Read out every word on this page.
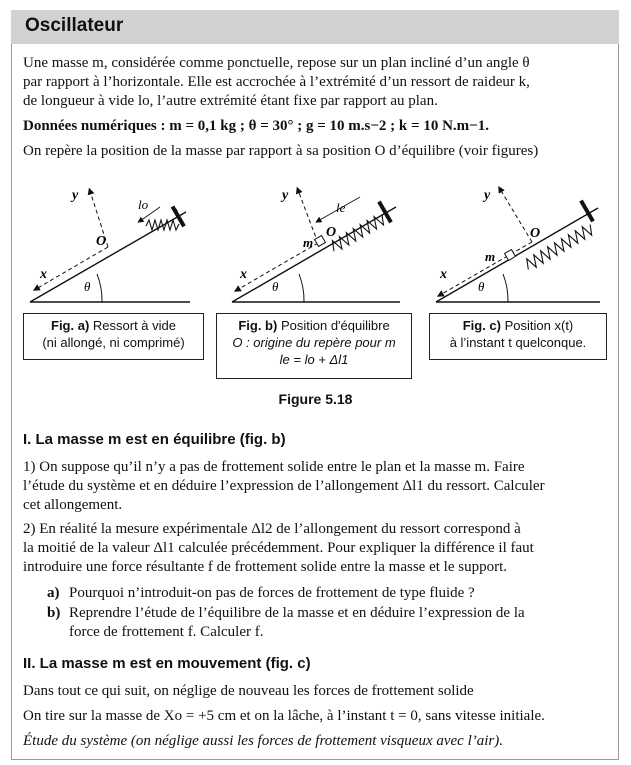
Oscillateur
Une masse m, considérée comme ponctuelle, repose sur un plan incliné d’un angle θ
par rapport à l’horizontale. Elle est accrochée à l’extrémité d’un ressort de raideur k,
de longueur à vide lo, l’autre extrémité étant fixe par rapport au plan.
Données numériques : m = 0,1 kg ; θ = 30° ; g = 10 m.s−2 ; k = 10 N.m−1.
On repère la position de la masse par rapport à sa position O d’équilibre (voir figures)
x
y
O
θ
lo
x
y
O
m
θ
le
x
y
O
m
θ
Fig. a) Ressort à vide
(ni allongé, ni comprimé)
Fig. b) Position d'équilibre
O : origine du repère pour m
le = lo + Δl1
Fig. c) Position x(t)
à l’instant t quelconque.
Figure 5.18
I. La masse m est en équilibre (fig. b)
1) On suppose qu’il n’y a pas de frottement solide entre le plan et la masse m. Faire
l’étude du système et en déduire l’expression de l’allongement Δl1 du ressort. Calculer
cet allongement.
2) En réalité la mesure expérimentale Δl2 de l’allongement du ressort correspond à
la moitié de la valeur Δl1 calculée précédemment. Pour expliquer la différence il faut
introduire une force résultante f de frottement solide entre la masse et le support.
a) Pourquoi n’introduit-on pas de forces de frottement de type fluide ?
b) Reprendre l’étude de l’équilibre de la masse et en déduire l’expression de la
force de frottement f. Calculer f.
II. La masse m est en mouvement (fig. c)
Dans tout ce qui suit, on néglige de nouveau les forces de frottement solide
On tire sur la masse de Xo = +5 cm et on la lâche, à l’instant t = 0, sans vitesse initiale.
Étude du système (on néglige aussi les forces de frottement visqueux avec l’air).
